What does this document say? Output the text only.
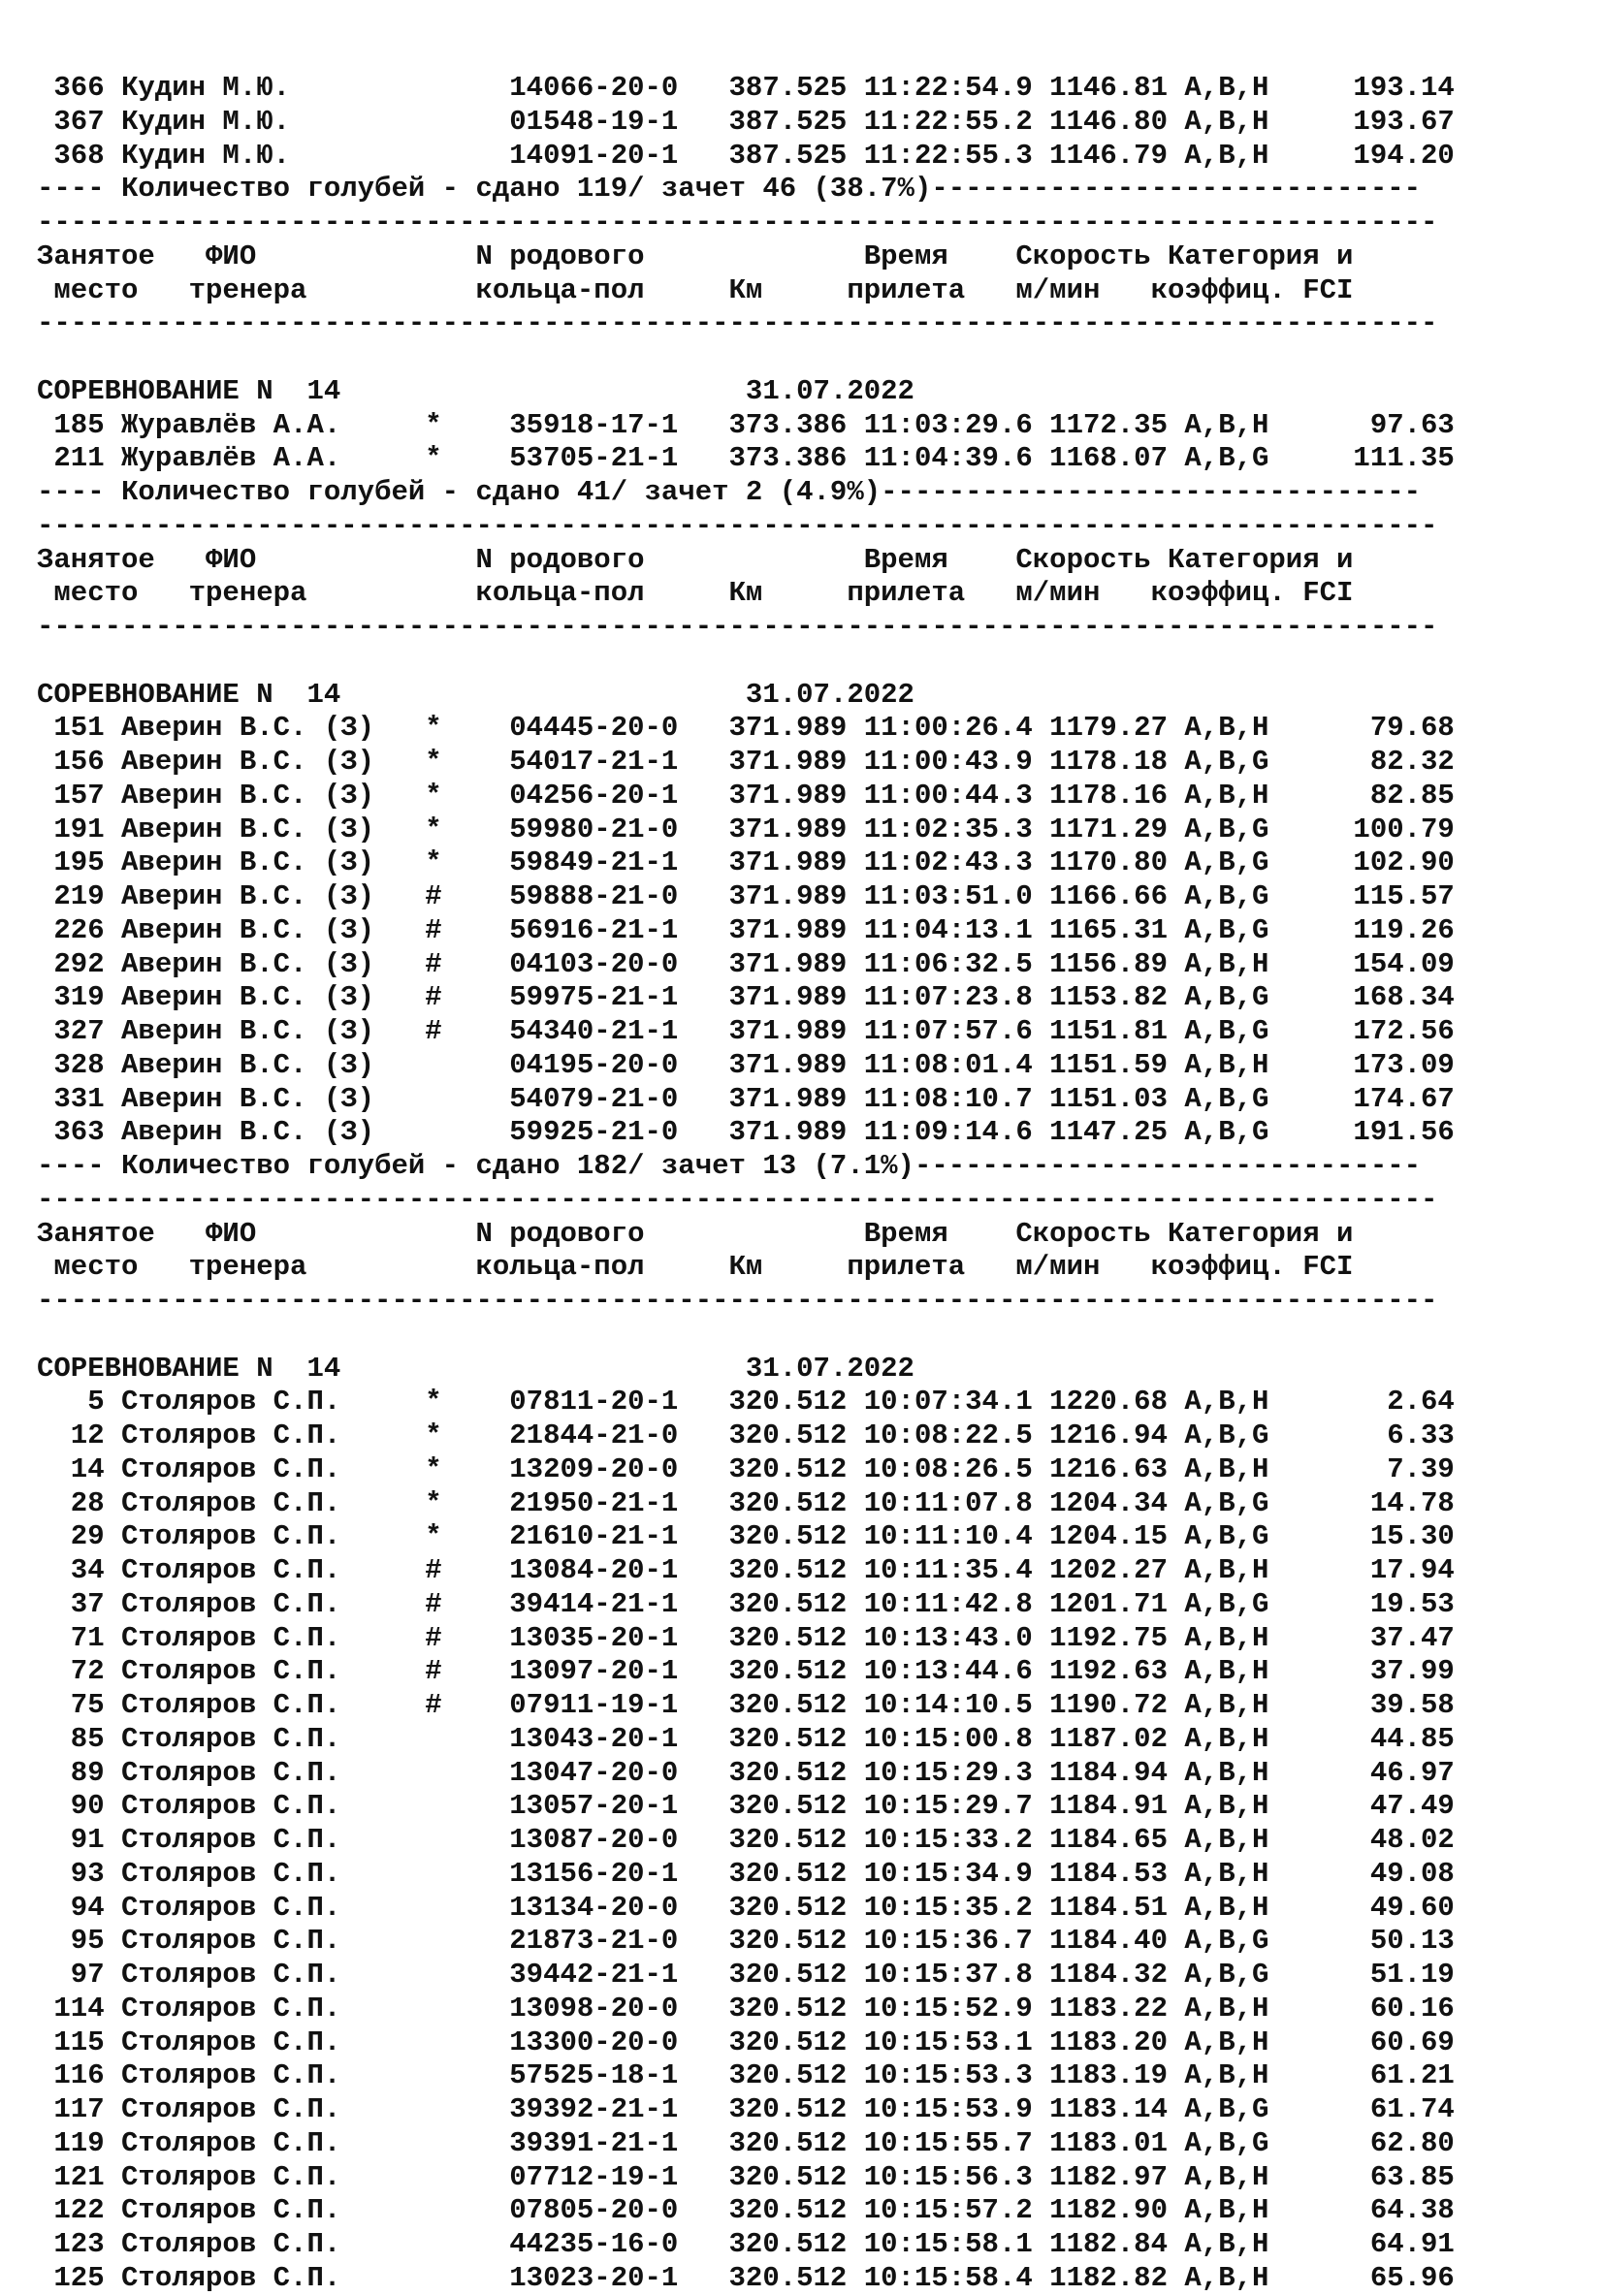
366 Кудин М.Ю.             14066-20-0   387.525 11:22:54.9 1146.81 A,B,H     193.14
367 Кудин М.Ю.             01548-19-1   387.525 11:22:55.2 1146.80 A,B,H     193.67
368 Кудин М.Ю.             14091-20-1   387.525 11:22:55.3 1146.79 A,B,H     194.20
---- Количество голубей - сдано 119/ зачет 46 (38.7%)-----------------------------
-----------------------------------------------------------------------------------
Занятое   ФИО             N родового             Время    Скорость Категория и
место   тренера          кольца-пол     Км     прилета   м/мин   коэффиц. FCI
-----------------------------------------------------------------------------------
СОРЕВНОВАНИЕ N  14                        31.07.2022
185 Журавлёв А.А.     *    35918-17-1   373.386 11:03:29.6 1172.35 A,B,H      97.63
211 Журавлёв А.А.     *    53705-21-1   373.386 11:04:39.6 1168.07 A,B,G     111.35
---- Количество голубей - сдано 41/ зачет 2 (4.9%)--------------------------------
-----------------------------------------------------------------------------------
Занятое   ФИО             N родового             Время    Скорость Категория и
место   тренера          кольца-пол     Км     прилета   м/мин   коэффиц. FCI
-----------------------------------------------------------------------------------
СОРЕВНОВАНИЕ N  14                        31.07.2022
151 Аверин В.С. (З)   *    04445-20-0   371.989 11:00:26.4 1179.27 A,B,H      79.68
156 Аверин В.С. (З)   *    54017-21-1   371.989 11:00:43.9 1178.18 A,B,G      82.32
157 Аверин В.С. (З)   *    04256-20-1   371.989 11:00:44.3 1178.16 A,B,H      82.85
191 Аверин В.С. (З)   *    59980-21-0   371.989 11:02:35.3 1171.29 A,B,G     100.79
195 Аверин В.С. (З)   *    59849-21-1   371.989 11:02:43.3 1170.80 A,B,G     102.90
219 Аверин В.С. (З)   #    59888-21-0   371.989 11:03:51.0 1166.66 A,B,G     115.57
226 Аверин В.С. (З)   #    56916-21-1   371.989 11:04:13.1 1165.31 A,B,G     119.26
292 Аверин В.С. (З)   #    04103-20-0   371.989 11:06:32.5 1156.89 A,B,H     154.09
319 Аверин В.С. (З)   #    59975-21-1   371.989 11:07:23.8 1153.82 A,B,G     168.34
327 Аверин В.С. (З)   #    54340-21-1   371.989 11:07:57.6 1151.81 A,B,G     172.56
328 Аверин В.С. (З)        04195-20-0   371.989 11:08:01.4 1151.59 A,B,H     173.09
331 Аверин В.С. (З)        54079-21-0   371.989 11:08:10.7 1151.03 A,B,G     174.67
363 Аверин В.С. (З)        59925-21-0   371.989 11:09:14.6 1147.25 A,B,G     191.56
---- Количество голубей - сдано 182/ зачет 13 (7.1%)------------------------------
-----------------------------------------------------------------------------------
Занятое   ФИО             N родового             Время    Скорость Категория и
место   тренера          кольца-пол     Км     прилета   м/мин   коэффиц. FCI
-----------------------------------------------------------------------------------
СОРЕВНОВАНИЕ N  14                        31.07.2022
5 Столяров С.П.     *    07811-20-1   320.512 10:07:34.1 1220.68 A,B,H       2.64
12 Столяров С.П.     *    21844-21-0   320.512 10:08:22.5 1216.94 A,B,G       6.33
14 Столяров С.П.     *    13209-20-0   320.512 10:08:26.5 1216.63 A,B,H       7.39
28 Столяров С.П.     *    21950-21-1   320.512 10:11:07.8 1204.34 A,B,G      14.78
29 Столяров С.П.     *    21610-21-1   320.512 10:11:10.4 1204.15 A,B,G      15.30
34 Столяров С.П.     #    13084-20-1   320.512 10:11:35.4 1202.27 A,B,H      17.94
37 Столяров С.П.     #    39414-21-1   320.512 10:11:42.8 1201.71 A,B,G      19.53
71 Столяров С.П.     #    13035-20-1   320.512 10:13:43.0 1192.75 A,B,H      37.47
72 Столяров С.П.     #    13097-20-1   320.512 10:13:44.6 1192.63 A,B,H      37.99
75 Столяров С.П.     #    07911-19-1   320.512 10:14:10.5 1190.72 A,B,H      39.58
85 Столяров С.П.          13043-20-1   320.512 10:15:00.8 1187.02 A,B,H      44.85
89 Столяров С.П.          13047-20-0   320.512 10:15:29.3 1184.94 A,B,H      46.97
90 Столяров С.П.          13057-20-1   320.512 10:15:29.7 1184.91 A,B,H      47.49
91 Столяров С.П.          13087-20-0   320.512 10:15:33.2 1184.65 A,B,H      48.02
93 Столяров С.П.          13156-20-1   320.512 10:15:34.9 1184.53 A,B,H      49.08
94 Столяров С.П.          13134-20-0   320.512 10:15:35.2 1184.51 A,B,H      49.60
95 Столяров С.П.          21873-21-0   320.512 10:15:36.7 1184.40 A,B,G      50.13
97 Столяров С.П.          39442-21-1   320.512 10:15:37.8 1184.32 A,B,G      51.19
114 Столяров С.П.          13098-20-0   320.512 10:15:52.9 1183.22 A,B,H      60.16
115 Столяров С.П.          13300-20-0   320.512 10:15:53.1 1183.20 A,B,H      60.69
116 Столяров С.П.          57525-18-1   320.512 10:15:53.3 1183.19 A,B,H      61.21
117 Столяров С.П.          39392-21-1   320.512 10:15:53.9 1183.14 A,B,G      61.74
119 Столяров С.П.          39391-21-1   320.512 10:15:55.7 1183.01 A,B,G      62.80
121 Столяров С.П.          07712-19-1   320.512 10:15:56.3 1182.97 A,B,H      63.85
122 Столяров С.П.          07805-20-0   320.512 10:15:57.2 1182.90 A,B,H      64.38
123 Столяров С.П.          44235-16-0   320.512 10:15:58.1 1182.84 A,B,H      64.91
125 Столяров С.П.          13023-20-1   320.512 10:15:58.4 1182.82 A,B,H      65.96
